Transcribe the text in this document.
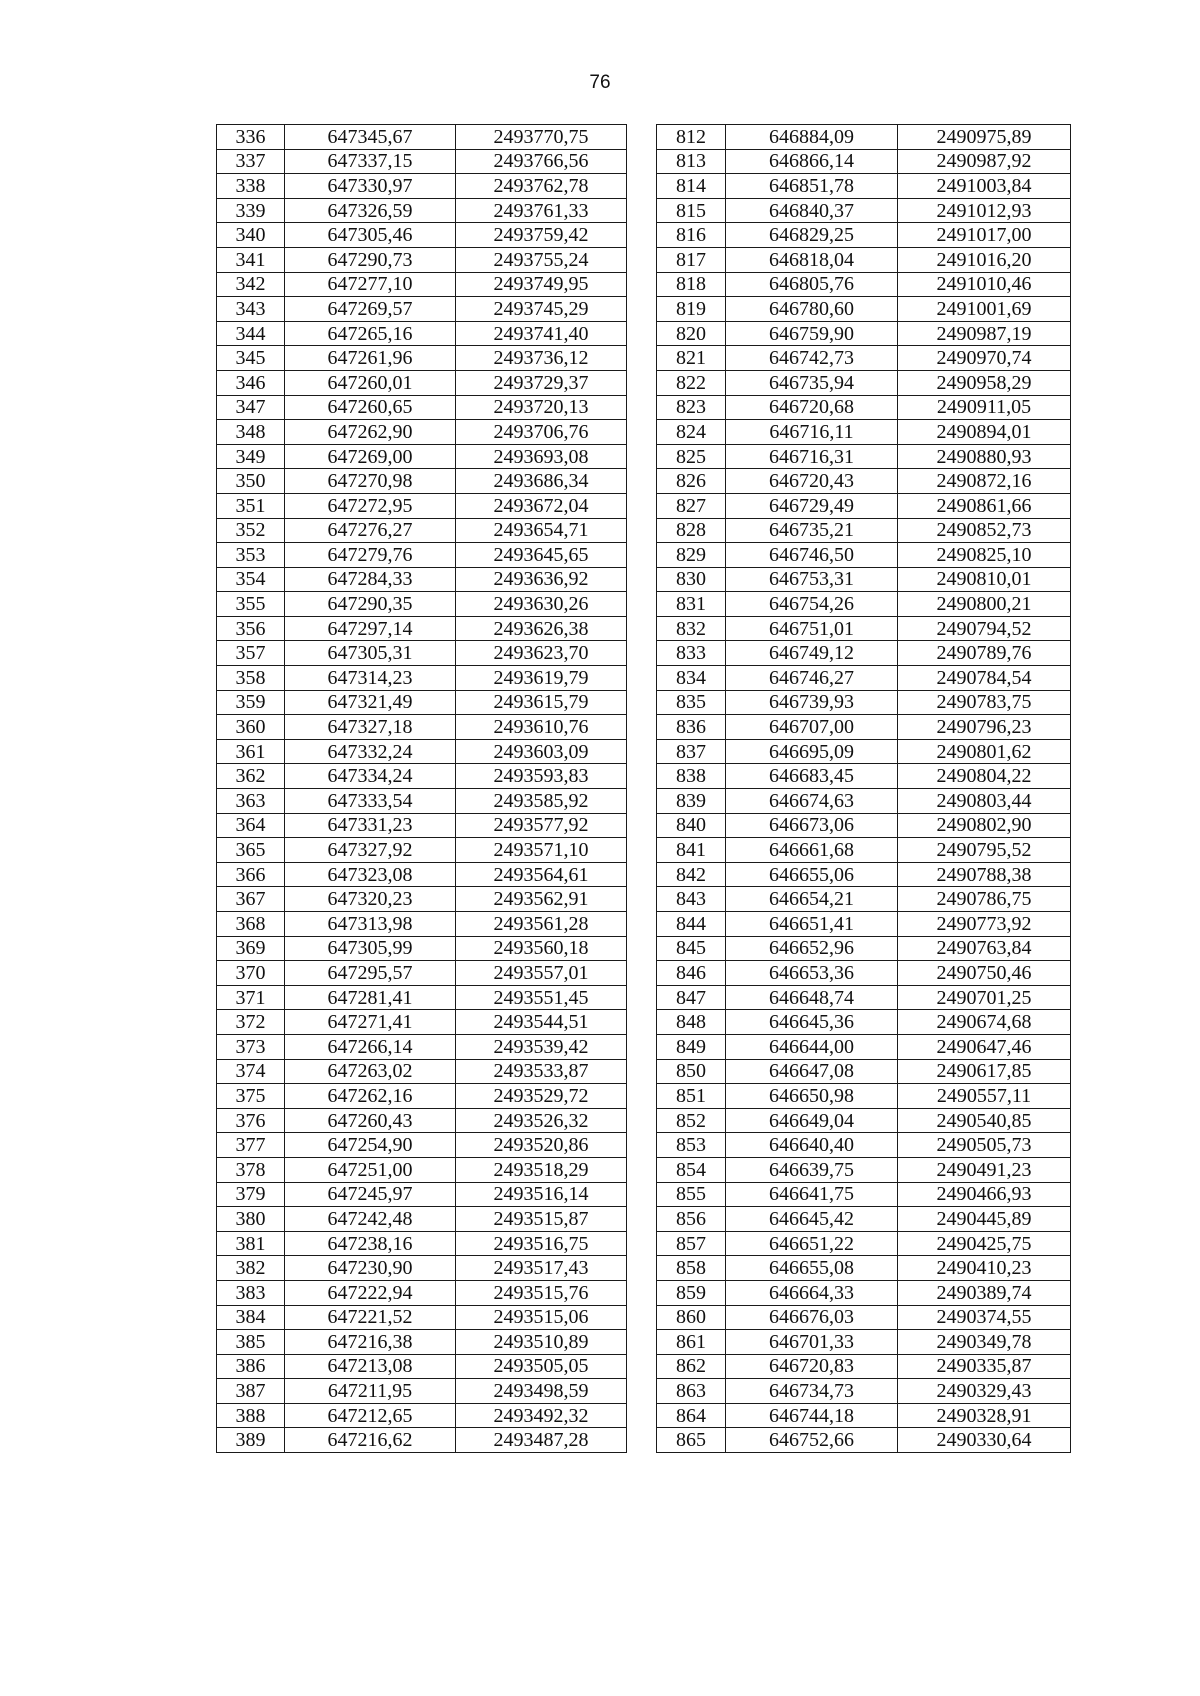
76
336	647345,67	2493770,75		812	646884,09	2490975,89
337	647337,15	2493766,56		813	646866,14	2490987,92
338	647330,97	2493762,78		814	646851,78	2491003,84
339	647326,59	2493761,33		815	646840,37	2491012,93
340	647305,46	2493759,42		816	646829,25	2491017,00
341	647290,73	2493755,24		817	646818,04	2491016,20
342	647277,10	2493749,95		818	646805,76	2491010,46
343	647269,57	2493745,29		819	646780,60	2491001,69
344	647265,16	2493741,40		820	646759,90	2490987,19
345	647261,96	2493736,12		821	646742,73	2490970,74
346	647260,01	2493729,37		822	646735,94	2490958,29
347	647260,65	2493720,13		823	646720,68	2490911,05
348	647262,90	2493706,76		824	646716,11	2490894,01
349	647269,00	2493693,08		825	646716,31	2490880,93
350	647270,98	2493686,34		826	646720,43	2490872,16
351	647272,95	2493672,04		827	646729,49	2490861,66
352	647276,27	2493654,71		828	646735,21	2490852,73
353	647279,76	2493645,65		829	646746,50	2490825,10
354	647284,33	2493636,92		830	646753,31	2490810,01
355	647290,35	2493630,26		831	646754,26	2490800,21
356	647297,14	2493626,38		832	646751,01	2490794,52
357	647305,31	2493623,70		833	646749,12	2490789,76
358	647314,23	2493619,79		834	646746,27	2490784,54
359	647321,49	2493615,79		835	646739,93	2490783,75
360	647327,18	2493610,76		836	646707,00	2490796,23
361	647332,24	2493603,09		837	646695,09	2490801,62
362	647334,24	2493593,83		838	646683,45	2490804,22
363	647333,54	2493585,92		839	646674,63	2490803,44
364	647331,23	2493577,92		840	646673,06	2490802,90
365	647327,92	2493571,10		841	646661,68	2490795,52
366	647323,08	2493564,61		842	646655,06	2490788,38
367	647320,23	2493562,91		843	646654,21	2490786,75
368	647313,98	2493561,28		844	646651,41	2490773,92
369	647305,99	2493560,18		845	646652,96	2490763,84
370	647295,57	2493557,01		846	646653,36	2490750,46
371	647281,41	2493551,45		847	646648,74	2490701,25
372	647271,41	2493544,51		848	646645,36	2490674,68
373	647266,14	2493539,42		849	646644,00	2490647,46
374	647263,02	2493533,87		850	646647,08	2490617,85
375	647262,16	2493529,72		851	646650,98	2490557,11
376	647260,43	2493526,32		852	646649,04	2490540,85
377	647254,90	2493520,86		853	646640,40	2490505,73
378	647251,00	2493518,29		854	646639,75	2490491,23
379	647245,97	2493516,14		855	646641,75	2490466,93
380	647242,48	2493515,87		856	646645,42	2490445,89
381	647238,16	2493516,75		857	646651,22	2490425,75
382	647230,90	2493517,43		858	646655,08	2490410,23
383	647222,94	2493515,76		859	646664,33	2490389,74
384	647221,52	2493515,06		860	646676,03	2490374,55
385	647216,38	2493510,89		861	646701,33	2490349,78
386	647213,08	2493505,05		862	646720,83	2490335,87
387	647211,95	2493498,59		863	646734,73	2490329,43
388	647212,65	2493492,32		864	646744,18	2490328,91
389	647216,62	2493487,28		865	646752,66	2490330,64
